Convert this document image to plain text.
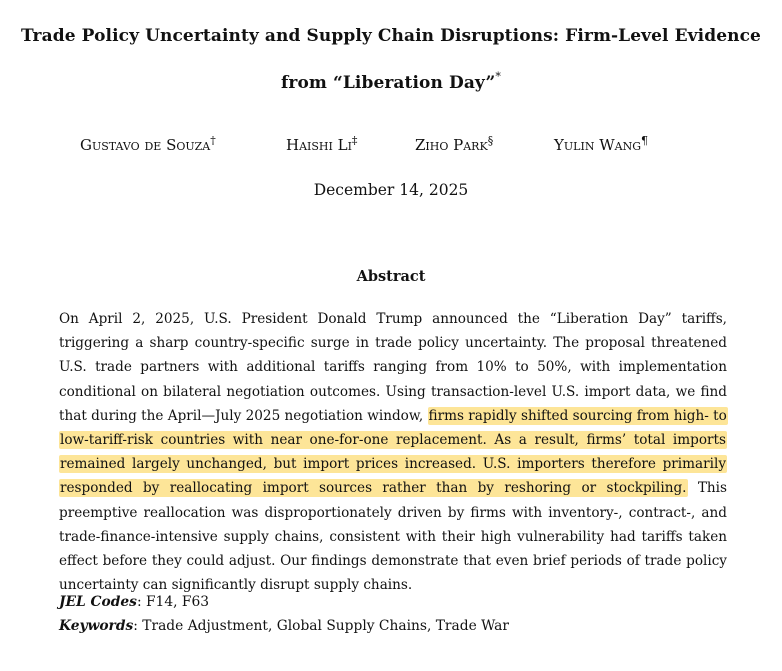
Trade Policy Uncertainty and Supply Chain Disruptions: Firm-Level Evidence
from “Liberation Day”*
Gustavo de Souza†	Haishi Li‡	Ziho Park§	Yulin Wang¶
December 14, 2025
Abstract
On April 2, 2025, U.S. President Donald Trump announced the “Liberation Day” tariffs, triggering a sharp country-specific surge in trade policy uncertainty. The proposal threatened U.S. trade partners with additional tariffs ranging from 10% to 50%, with implementation conditional on bilateral negotiation outcomes. Using transaction-level U.S. import data, we find that during the April—July 2025 negotiation window, firms rapidly shifted sourcing from high- to low-tariff-risk countries with near one-for-one replacement. As a result, firms’ total imports remained largely unchanged, but import prices increased. U.S. importers therefore primarily responded by reallocating import sources rather than by reshoring or stockpiling. This preemptive reallocation was disproportionately driven by firms with inventory-, contract-, and trade-finance-intensive supply chains, consistent with their high vulnerability had tariffs taken effect before they could adjust. Our findings demonstrate that even brief periods of trade policy uncertainty can significantly disrupt supply chains.
JEL Codes: F14, F63
Keywords: Trade Adjustment, Global Supply Chains, Trade War
